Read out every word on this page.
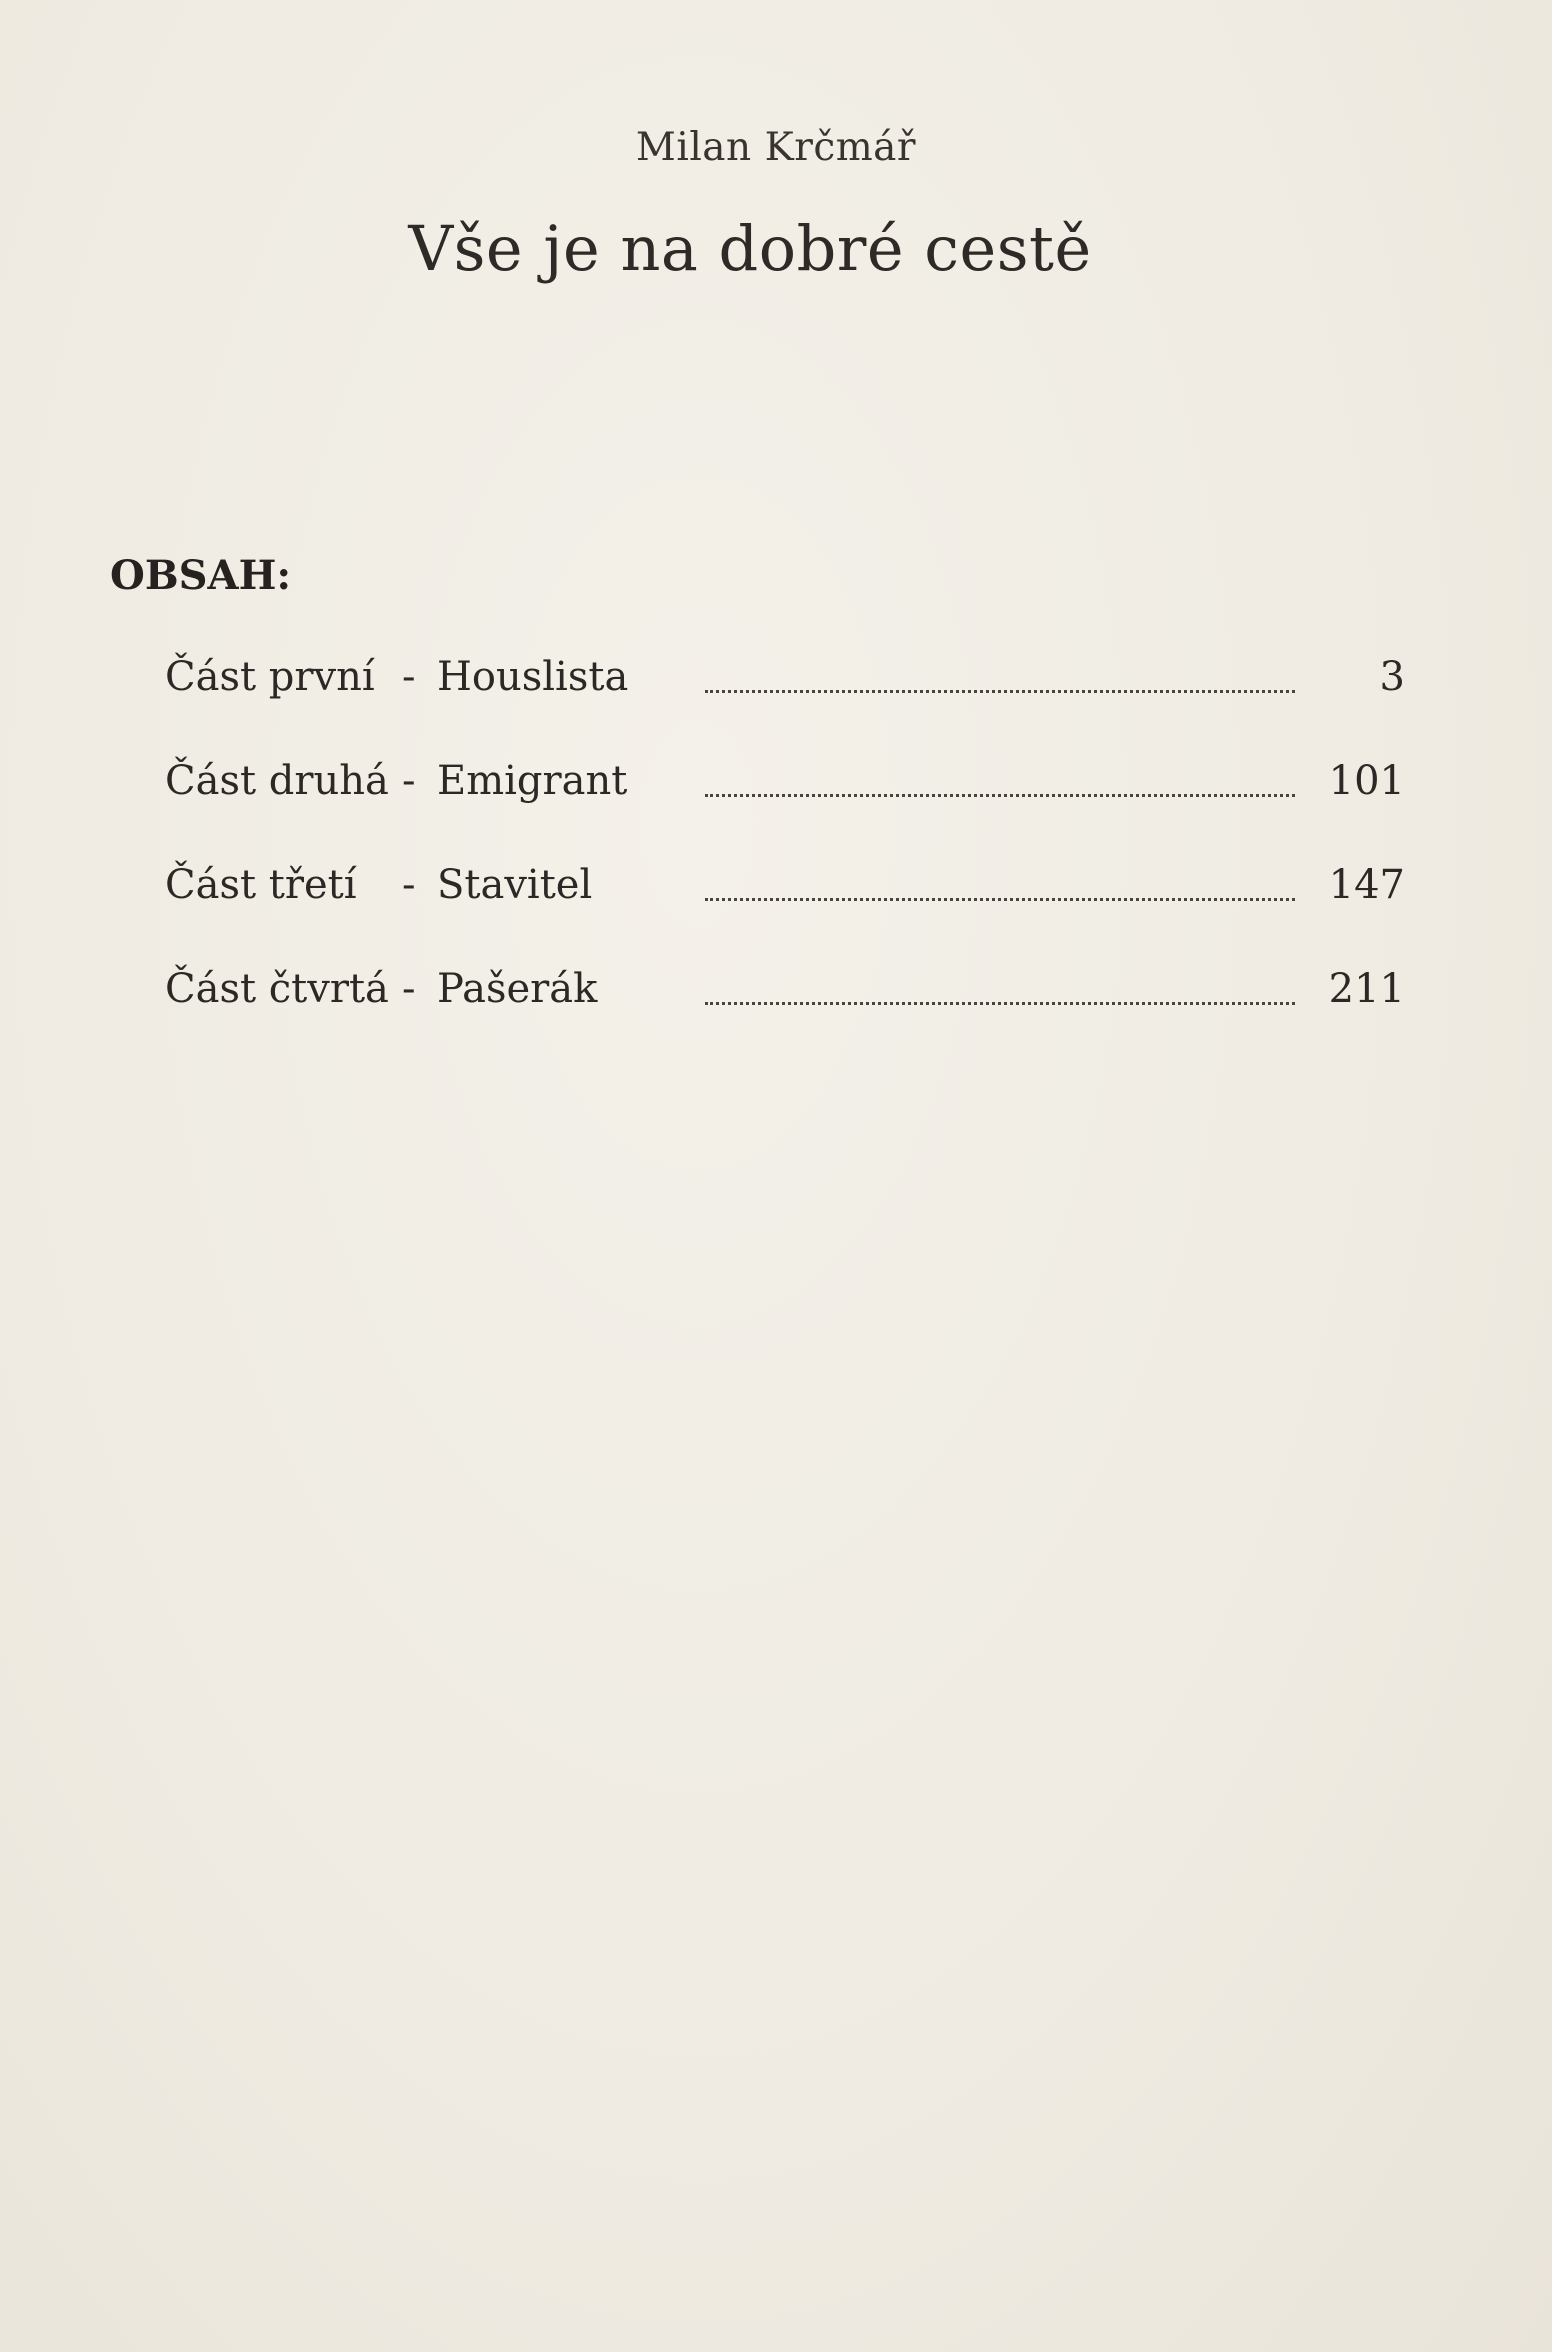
Milan Krčmář
Vše je na dobré cestě
OBSAH:
Část první - Houslista	3
Část druhá - Emigrant	101
Část třetí - Stavitel	147
Část čtvrtá - Pašerák	211
